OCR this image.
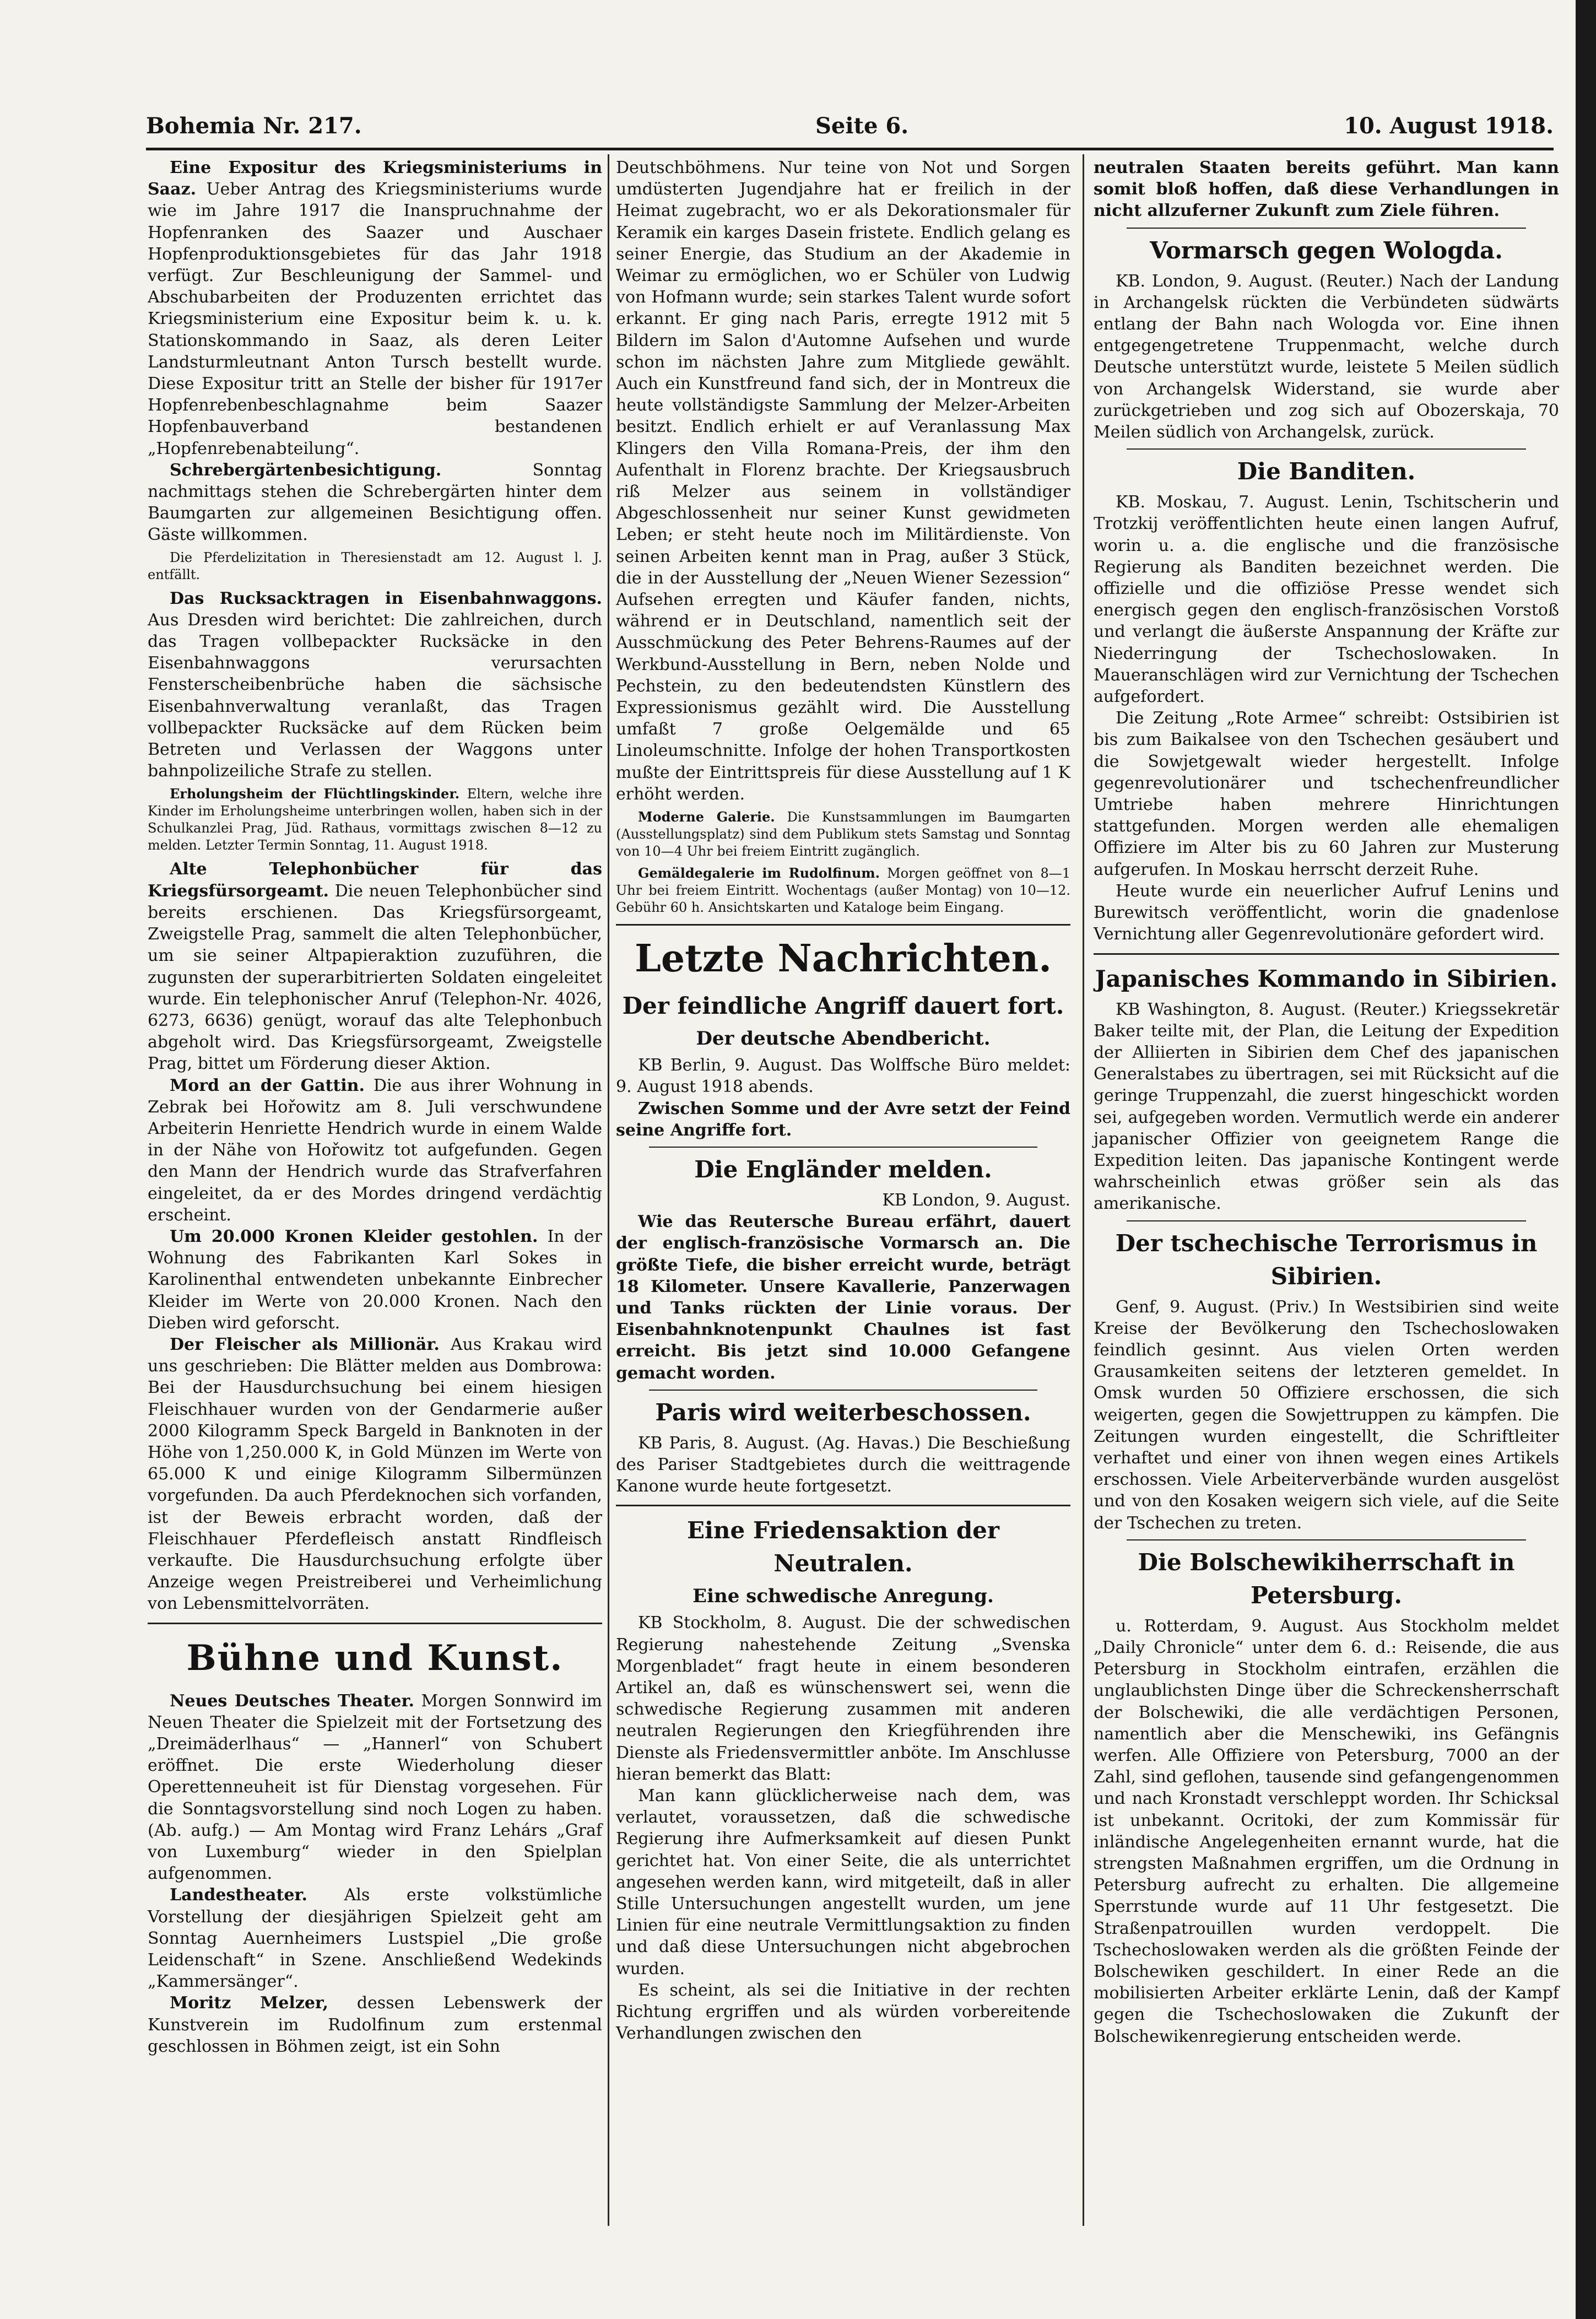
Bohemia Nr. 217.	Seite 6.	10. August 1918.

Eine Expositur des Kriegsministeriums in Saaz. Ueber Antrag des Kriegsministeriums wurde wie im Jahre 1917 die Inanspruchnahme der Hopfenranken des Saazer und Auschaer Hopfenproduktionsgebietes für das Jahr 1918 verfügt. Zur Beschleunigung der Sammel- und Abschubarbeiten der Produzenten errichtet das Kriegsministerium eine Expositur beim k. u. k. Stationskommando in Saaz, als deren Leiter Landsturmleutnant Anton Tursch bestellt wurde. Diese Expositur tritt an Stelle der bisher für 1917er Hopfenrebenbeschlagnahme beim Saazer Hopfenbauverband bestandenen „Hopfenrebenabteilung“.

Schrebergärtenbesichtigung.	Sonntag nachmittags stehen die Schrebergärten hinter dem Baumgarten zur allgemeinen Besichtigung offen. Gäste willkommen.

Die Pferdelizitation in Theresienstadt am 12. August l. J. entfällt.

Das Rucksacktragen in Eisenbahnwaggons. Aus Dresden wird berichtet: Die zahlreichen, durch das Tragen vollbepackter Rucksäcke in den Eisenbahnwaggons verursachten Fensterscheibenbrüche haben die sächsische Eisenbahnverwaltung veranlaßt, das Tragen vollbepackter Rucksäcke auf dem Rücken beim Betreten und Verlassen der Waggons unter bahnpolizeiliche Strafe zu stellen.

Erholungsheim der Flüchtlingskinder. Eltern, welche ihre Kinder im Erholungsheime unterbringen wollen, haben sich in der Schulkanzlei Prag, Jüd. Rathaus, vormittags zwischen 8—12 zu melden. Letzter Termin Sonntag, 11. August 1918.

Alte Telephonbücher für das Kriegsfürsorgeamt. Die neuen Telephonbücher sind bereits erschienen. Das Kriegsfürsorgeamt, Zweigstelle Prag, sammelt die alten Telephonbücher, um sie seiner Altpapieraktion zuzuführen, die zugunsten der superarbitrierten Soldaten eingeleitet wurde. Ein telephonischer Anruf (Telephon-Nr. 4026, 6273, 6636) genügt, worauf das alte Telephonbuch abgeholt wird. Das Kriegsfürsorgeamt, Zweigstelle Prag, bittet um Förderung dieser Aktion.

Mord an der Gattin. Die aus ihrer Wohnung in Zebrak bei Hořowitz am 8. Juli verschwundene Arbeiterin Henriette Hendrich wurde in einem Walde in der Nähe von Hořowitz tot aufgefunden. Gegen den Mann der Hendrich wurde das Strafverfahren eingeleitet, da er des Mordes dringend verdächtig erscheint.

Um 20.000 Kronen Kleider gestohlen. In der Wohnung des Fabrikanten Karl Sokes in Karolinenthal entwendeten unbekannte Einbrecher Kleider im Werte von 20.000 Kronen. Nach den Dieben wird geforscht.

Der Fleischer als Millionär. Aus Krakau wird uns geschrieben: Die Blätter melden aus Dombrowa: Bei der Hausdurchsuchung bei einem hiesigen Fleischhauer wurden von der Gendarmerie außer 2000 Kilogramm Speck Bargeld in Banknoten in der Höhe von 1,250.000 K, in Gold Münzen im Werte von 65.000 K und einige Kilogramm Silbermünzen vorgefunden. Da auch Pferdeknochen sich vorfanden, ist der Beweis erbracht worden, daß der Fleischhauer Pferdefleisch anstatt Rindfleisch verkaufte. Die Hausdurchsuchung erfolgte über Anzeige wegen Preistreiberei und Verheimlichung von Lebensmittelvorräten.

Bühne und Kunst.

Neues Deutsches Theater. Morgen Sonnwird im Neuen Theater die Spielzeit mit der Fortsetzung des „Dreimäderlhaus“ — „Hannerl“ von Schubert eröffnet. Die erste Wiederholung dieser Operettenneuheit ist für Dienstag vorgesehen. Für die Sonntagsvorstellung sind noch Logen zu haben. (Ab. aufg.) — Am Montag wird Franz Lehárs „Graf von Luxemburg“ wieder in den Spielplan aufgenommen.

Landestheater. Als erste volkstümliche Vorstellung der diesjährigen Spielzeit geht am Sonntag Auernheimers Lustspiel „Die große Leidenschaft“ in Szene. Anschließend Wedekinds „Kammersänger“.

Moritz Melzer, dessen Lebenswerk der Kunstverein im Rudolfinum zum erstenmal geschlossen in Böhmen zeigt, ist ein Sohn

Deutschböhmens. Nur teine von Not und Sorgen umdüsterten Jugendjahre hat er freilich in der Heimat zugebracht, wo er als Dekorationsmaler für Keramik ein karges Dasein fristete. Endlich gelang es seiner Energie, das Studium an der Akademie in Weimar zu ermöglichen, wo er Schüler von Ludwig von Hofmann wurde; sein starkes Talent wurde sofort erkannt. Er ging nach Paris, erregte 1912 mit 5 Bildern im Salon d'Automne Aufsehen und wurde schon im nächsten Jahre zum Mitgliede gewählt. Auch ein Kunstfreund fand sich, der in Montreux die heute vollständigste Sammlung der Melzer-Arbeiten besitzt. Endlich erhielt er auf Veranlassung Max Klingers den Villa Romana-Preis, der ihm den Aufenthalt in Florenz brachte. Der Kriegsausbruch riß Melzer aus seinem in vollständiger Abgeschlossenheit nur seiner Kunst gewidmeten Leben; er steht heute noch im Militärdienste. Von seinen Arbeiten kennt man in Prag, außer 3 Stück, die in der Ausstellung der „Neuen Wiener Sezession“ Aufsehen erregten und Käufer fanden, nichts, während er in Deutschland, namentlich seit der Ausschmückung des Peter Behrens-Raumes auf der Werkbund-Ausstellung in Bern, neben Nolde und Pechstein, zu den bedeutendsten Künstlern des Expressionismus gezählt wird. Die Ausstellung umfaßt 7 große Oelgemälde und 65 Linoleumschnitte. Infolge der hohen Transportkosten mußte der Eintrittspreis für diese Ausstellung auf 1 K erhöht werden.

Moderne Galerie. Die Kunstsammlungen im Baumgarten (Ausstellungsplatz) sind dem Publikum stets Samstag und Sonntag von 10—4 Uhr bei freiem Eintritt zugänglich.

Gemäldegalerie im Rudolfinum. Morgen geöffnet von 8—1 Uhr bei freiem Eintritt. Wochentags (außer Montag) von 10—12. Gebühr 60 h. Ansichtskarten und Kataloge beim Eingang.

Letzte Nachrichten.
Der feindliche Angriff dauert fort.
Der deutsche Abendbericht.

KB Berlin, 9. August. Das Wolffsche Büro meldet: 9. August 1918 abends.

Zwischen Somme und der Avre setzt der Feind seine Angriffe fort.

Die Engländer melden.

KB London, 9. August.

Wie das Reutersche Bureau erfährt, dauert der englisch-französische Vormarsch an. Die größte Tiefe, die bisher erreicht wurde, beträgt 18 Kilometer. Unsere Kavallerie, Panzerwagen und Tanks rückten der Linie voraus. Der Eisenbahnknotenpunkt Chaulnes ist fast erreicht. Bis jetzt sind 10.000 Gefangene gemacht worden.

Paris wird weiterbeschossen.

KB Paris, 8. August. (Ag. Havas.) Die Beschießung des Pariser Stadtgebietes durch die weittragende Kanone wurde heute fortgesetzt.

Eine Friedensaktion der Neutralen.
Eine schwedische Anregung.

KB Stockholm, 8. August. Die der schwedischen Regierung nahestehende Zeitung „Svenska Morgenbladet“ fragt heute in einem besonderen Artikel an, daß es wünschenswert sei, wenn die schwedische Regierung zusammen mit anderen neutralen Regierungen den Kriegführenden ihre Dienste als Friedensvermittler anböte. Im Anschlusse hieran bemerkt das Blatt:

Man kann glücklicherweise nach dem, was verlautet, voraussetzen, daß die schwedische Regierung ihre Aufmerksamkeit auf diesen Punkt gerichtet hat. Von einer Seite, die als unterrichtet angesehen werden kann, wird mitgeteilt, daß in aller Stille Untersuchungen angestellt wurden, um jene Linien für eine neutrale Vermittlungsaktion zu finden und daß diese Untersuchungen nicht abgebrochen wurden.

Es scheint, als sei die Initiative in der rechten Richtung ergriffen und als würden vorbereitende Verhandlungen zwischen den

neutralen Staaten bereits geführt. Man kann somit bloß hoffen, daß diese Verhandlungen in nicht allzuferner Zukunft zum Ziele führen.

Vormarsch gegen Wologda.

KB. London, 9. August. (Reuter.) Nach der Landung in Archangelsk rückten die Verbündeten südwärts entlang der Bahn nach Wologda vor. Eine ihnen entgegengetretene Truppenmacht, welche durch Deutsche unterstützt wurde, leistete 5 Meilen südlich von Archangelsk Widerstand, sie wurde aber zurückgetrieben und zog sich auf Obozerskaja, 70 Meilen südlich von Archangelsk, zurück.

Die Banditen.

KB. Moskau, 7. August. Lenin, Tschitscherin und Trotzkij veröffentlichten heute einen langen Aufruf, worin u. a. die englische und die französische Regierung als Banditen bezeichnet werden. Die offizielle und die offiziöse Presse wendet sich energisch gegen den englisch-französischen Vorstoß und verlangt die äußerste Anspannung der Kräfte zur Niederringung der Tschechoslowaken. In Maueranschlägen wird zur Vernichtung der Tschechen aufgefordert.

Die Zeitung „Rote Armee“ schreibt: Ostsibirien ist bis zum Baikalsee von den Tschechen gesäubert und die Sowjetgewalt wieder hergestellt. Infolge gegenrevolutionärer und tschechenfreundlicher Umtriebe haben mehrere Hinrichtungen stattgefunden. Morgen werden alle ehemaligen Offiziere im Alter bis zu 60 Jahren zur Musterung aufgerufen. In Moskau herrscht derzeit Ruhe.

Heute wurde ein neuerlicher Aufruf Lenins und Burewitsch veröffentlicht, worin die gnadenlose Vernichtung aller Gegenrevolutionäre gefordert wird.

Japanisches Kommando in Sibirien.

KB Washington, 8. August. (Reuter.) Kriegssekretär Baker teilte mit, der Plan, die Leitung der Expedition der Alliierten in Sibirien dem Chef des japanischen Generalstabes zu übertragen, sei mit Rücksicht auf die geringe Truppenzahl, die zuerst hingeschickt worden sei, aufgegeben worden. Vermutlich werde ein anderer japanischer Offizier von geeignetem Range die Expedition leiten. Das japanische Kontingent werde wahrscheinlich etwas größer sein als das amerikanische.

Der tschechische Terrorismus in Sibirien.

Genf, 9. August. (Priv.) In Westsibirien sind weite Kreise der Bevölkerung den Tschechoslowaken feindlich gesinnt. Aus vielen Orten werden Grausamkeiten seitens der letzteren gemeldet. In Omsk wurden 50 Offiziere erschossen, die sich weigerten, gegen die Sowjettruppen zu kämpfen. Die Zeitungen wurden eingestellt, die Schriftleiter verhaftet und einer von ihnen wegen eines Artikels erschossen. Viele Arbeiterverbände wurden ausgelöst und von den Kosaken weigern sich viele, auf die Seite der Tschechen zu treten.

Die Bolschewikiherrschaft in Petersburg.

u. Rotterdam, 9. August. Aus Stockholm meldet „Daily Chronicle“ unter dem 6. d.: Reisende, die aus Petersburg in Stockholm eintrafen, erzählen die unglaublichsten Dinge über die Schreckensherrschaft der Bolschewiki, die alle verdächtigen Personen, namentlich aber die Menschewiki, ins Gefängnis werfen. Alle Offiziere von Petersburg, 7000 an der Zahl, sind geflohen, tausende sind gefangengenommen und nach Kronstadt verschleppt worden. Ihr Schicksal ist unbekannt. Ocritoki, der zum Kommissär für inländische Angelegenheiten ernannt wurde, hat die strengsten Maßnahmen ergriffen, um die Ordnung in Petersburg aufrecht zu erhalten. Die allgemeine Sperrstunde wurde auf 11 Uhr festgesetzt. Die Straßenpatrouillen wurden verdoppelt. Die Tschechoslowaken werden als die größten Feinde der Bolschewiken geschildert. In einer Rede an die mobilisierten Arbeiter erklärte Lenin, daß der Kampf gegen die Tschechoslowaken die Zukunft der Bolschewikenregierung entscheiden werde.
